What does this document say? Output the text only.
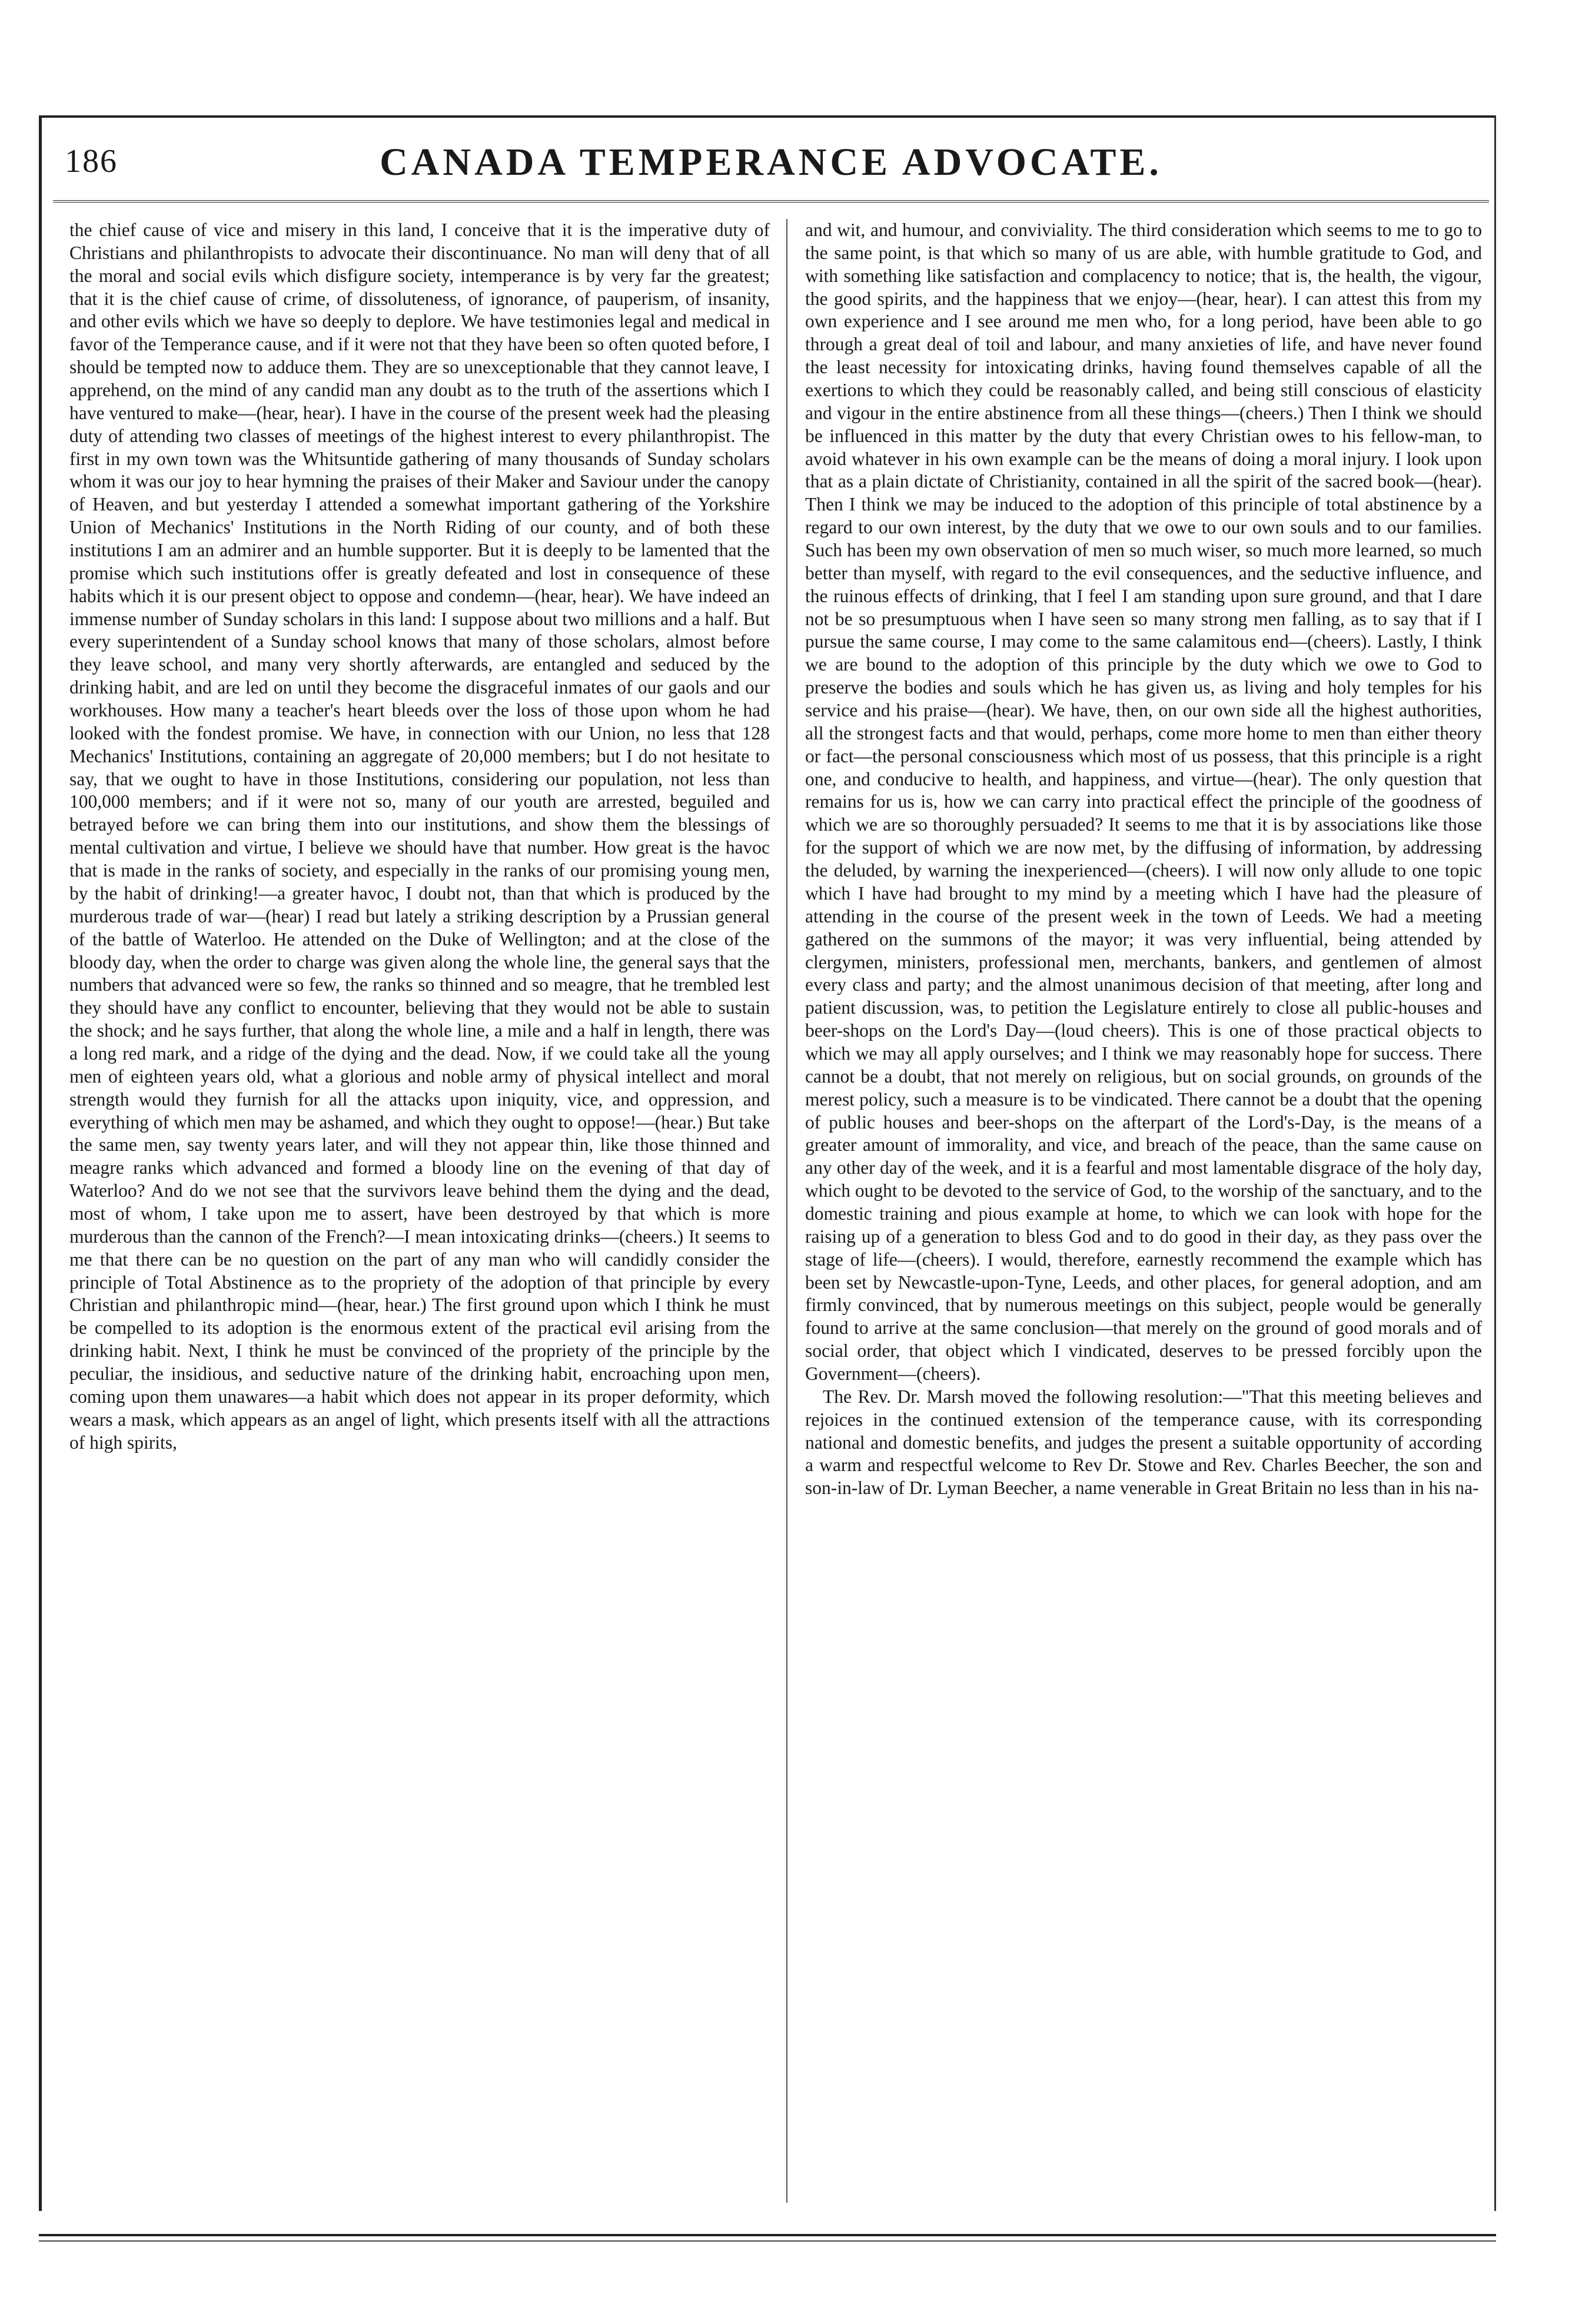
186	CANADA TEMPERANCE ADVOCATE.

the chief cause of vice and misery in this land, I conceive that it is the imperative duty of Christians and philanthropists to advocate their discontinuance. No man will deny that of all the moral and social evils which disfigure society, intemperance is by very far the greatest; that it is the chief cause of crime, of dissoluteness, of ignorance, of pauperism, of insanity, and other evils which we have so deeply to deplore. We have testimonies legal and medical in favor of the Temperance cause, and if it were not that they have been so often quoted before, I should be tempted now to adduce them. They are so unexceptionable that they cannot leave, I apprehend, on the mind of any candid man any doubt as to the truth of the assertions which I have ventured to make—(hear, hear). I have in the course of the present week had the pleasing duty of attending two classes of meetings of the highest interest to every philanthropist. The first in my own town was the Whitsuntide gathering of many thousands of Sunday scholars whom it was our joy to hear hymning the praises of their Maker and Saviour under the canopy of Heaven, and but yesterday I attended a somewhat important gathering of the Yorkshire Union of Mechanics' Institutions in the North Riding of our county, and of both these institutions I am an admirer and an humble supporter. But it is deeply to be lamented that the promise which such institutions offer is greatly defeated and lost in consequence of these habits which it is our present object to oppose and condemn—(hear, hear). We have indeed an immense number of Sunday scholars in this land: I suppose about two millions and a half. But every superintendent of a Sunday school knows that many of those scholars, almost before they leave school, and many very shortly afterwards, are entangled and seduced by the drinking habit, and are led on until they become the disgraceful inmates of our gaols and our workhouses. How many a teacher's heart bleeds over the loss of those upon whom he had looked with the fondest promise. We have, in connection with our Union, no less that 128 Mechanics' Institutions, containing an aggregate of 20,000 members; but I do not hesitate to say, that we ought to have in those Institutions, considering our population, not less than 100,000 members; and if it were not so, many of our youth are arrested, beguiled and betrayed before we can bring them into our institutions, and show them the blessings of mental cultivation and virtue, I believe we should have that number. How great is the havoc that is made in the ranks of society, and especially in the ranks of our promising young men, by the habit of drinking!—a greater havoc, I doubt not, than that which is produced by the murderous trade of war—(hear) I read but lately a striking description by a Prussian general of the battle of Waterloo. He attended on the Duke of Wellington; and at the close of the bloody day, when the order to charge was given along the whole line, the general says that the numbers that advanced were so few, the ranks so thinned and so meagre, that he trembled lest they should have any conflict to encounter, believing that they would not be able to sustain the shock; and he says further, that along the whole line, a mile and a half in length, there was a long red mark, and a ridge of the dying and the dead. Now, if we could take all the young men of eighteen years old, what a glorious and noble army of physical intellect and moral strength would they furnish for all the attacks upon iniquity, vice, and oppression, and everything of which men may be ashamed, and which they ought to oppose!—(hear.) But take the same men, say twenty years later, and will they not appear thin, like those thinned and meagre ranks which advanced and formed a bloody line on the evening of that day of Waterloo? And do we not see that the survivors leave behind them the dying and the dead, most of whom, I take upon me to assert, have been destroyed by that which is more murderous than the cannon of the French?—I mean intoxicating drinks—(cheers.) It seems to me that there can be no question on the part of any man who will candidly consider the principle of Total Abstinence as to the propriety of the adoption of that principle by every Christian and philanthropic mind—(hear, hear.) The first ground upon which I think he must be compelled to its adoption is the enormous extent of the practical evil arising from the drinking habit. Next, I think he must be convinced of the propriety of the principle by the peculiar, the insidious, and seductive nature of the drinking habit, encroaching upon men, coming upon them unawares—a habit which does not appear in its proper deformity, which wears a mask, which appears as an angel of light, which presents itself with all the attractions of high spirits,

and wit, and humour, and conviviality. The third consideration which seems to me to go to the same point, is that which so many of us are able, with humble gratitude to God, and with something like satisfaction and complacency to notice; that is, the health, the vigour, the good spirits, and the happiness that we enjoy—(hear, hear). I can attest this from my own experience and I see around me men who, for a long period, have been able to go through a great deal of toil and labour, and many anxieties of life, and have never found the least necessity for intoxicating drinks, having found themselves capable of all the exertions to which they could be reasonably called, and being still conscious of elasticity and vigour in the entire abstinence from all these things—(cheers.) Then I think we should be influenced in this matter by the duty that every Christian owes to his fellow-man, to avoid whatever in his own example can be the means of doing a moral injury. I look upon that as a plain dictate of Christianity, contained in all the spirit of the sacred book—(hear). Then I think we may be induced to the adoption of this principle of total abstinence by a regard to our own interest, by the duty that we owe to our own souls and to our families. Such has been my own observation of men so much wiser, so much more learned, so much better than myself, with regard to the evil consequences, and the seductive influence, and the ruinous effects of drinking, that I feel I am standing upon sure ground, and that I dare not be so presumptuous when I have seen so many strong men falling, as to say that if I pursue the same course, I may come to the same calamitous end—(cheers). Lastly, I think we are bound to the adoption of this principle by the duty which we owe to God to preserve the bodies and souls which he has given us, as living and holy temples for his service and his praise—(hear). We have, then, on our own side all the highest authorities, all the strongest facts and that would, perhaps, come more home to men than either theory or fact—the personal consciousness which most of us possess, that this principle is a right one, and conducive to health, and happiness, and virtue—(hear). The only question that remains for us is, how we can carry into practical effect the principle of the goodness of which we are so thoroughly persuaded? It seems to me that it is by associations like those for the support of which we are now met, by the diffusing of information, by addressing the deluded, by warning the inexperienced—(cheers). I will now only allude to one topic which I have had brought to my mind by a meeting which I have had the pleasure of attending in the course of the present week in the town of Leeds. We had a meeting gathered on the summons of the mayor; it was very influential, being attended by clergymen, ministers, professional men, merchants, bankers, and gentlemen of almost every class and party; and the almost unanimous decision of that meeting, after long and patient discussion, was, to petition the Legislature entirely to close all public-houses and beer-shops on the Lord's Day—(loud cheers). This is one of those practical objects to which we may all apply ourselves; and I think we may reasonably hope for success. There cannot be a doubt, that not merely on religious, but on social grounds, on grounds of the merest policy, such a measure is to be vindicated. There cannot be a doubt that the opening of public houses and beer-shops on the afterpart of the Lord's-Day, is the means of a greater amount of immorality, and vice, and breach of the peace, than the same cause on any other day of the week, and it is a fearful and most lamentable disgrace of the holy day, which ought to be devoted to the service of God, to the worship of the sanctuary, and to the domestic training and pious example at home, to which we can look with hope for the raising up of a generation to bless God and to do good in their day, as they pass over the stage of life—(cheers). I would, therefore, earnestly recommend the example which has been set by Newcastle-upon-Tyne, Leeds, and other places, for general adoption, and am firmly convinced, that by numerous meetings on this subject, people would be generally found to arrive at the same conclusion—that merely on the ground of good morals and of social order, that object which I vindicated, deserves to be pressed forcibly upon the Government—(cheers).

The Rev. Dr. Marsh moved the following resolution:—"That this meeting believes and rejoices in the continued extension of the temperance cause, with its corresponding national and domestic benefits, and judges the present a suitable opportunity of according a warm and respectful welcome to Rev Dr. Stowe and Rev. Charles Beecher, the son and son-in-law of Dr. Lyman Beecher, a name venerable in Great Britain no less than in his na-
